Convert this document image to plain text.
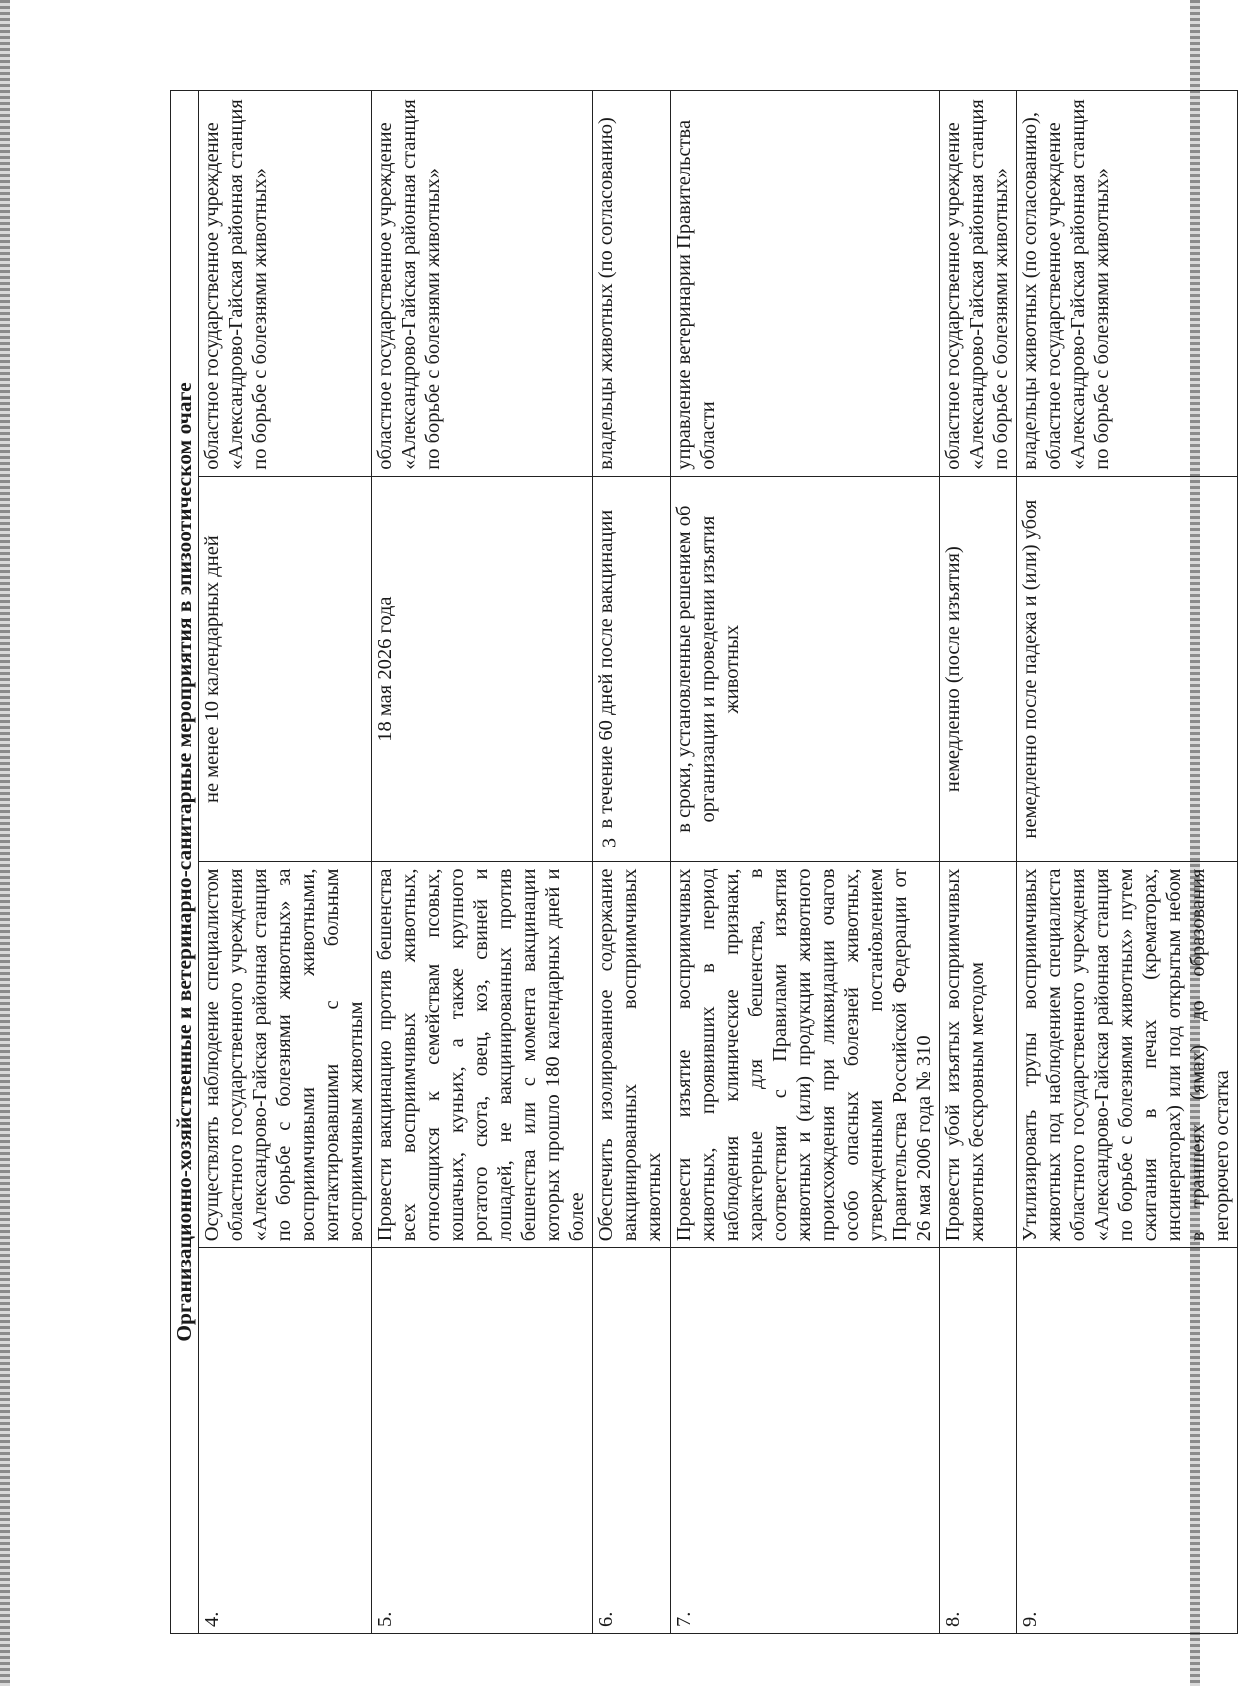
3
Организационно-хозяйственные и ветеринарно-санитарные мероприятия в эпизоотическом очаге			
4.	Осуществлять наблюдение специалистом областного государственного учреждения «Александрово-Гайская районная станция по борьбе с болезнями животных» за восприимчивыми животными, контактировавшими с больным восприимчивым животным	не менее 10 календарных дней	областное государственное учреждение «Александрово-Гайская районная станция по борьбе с болезнями животных»
5.	Провести вакцинацию против бешенства всех восприимчивых животных, относящихся к семействам псовых, кошачьих, куньих, а также крупного рогатого скота, овец, коз, свиней и лошадей, не вакцинированных против бешенства или с момента вакцинации которых прошло 180 календарных дней и более	18 мая 2026 года	областное государственное учреждение «Александрово-Гайская районная станция по борьбе с болезнями животных»
6.	Обеспечить изолированное содержание вакцинированных восприимчивых животных	в течение 60 дней после вакцинации	владельцы животных (по согласованию)
7.	Провести изъятие восприимчивых животных, проявивших в период наблюдения клинические признаки, характерные для бешенства, в соответствии с Правилами изъятия животных и (или) продукции животного происхождения при ликвидации очагов особо опасных болезней животных, утвержденными постановлением Правительства Российской Федерации от 26 мая 2006 года № 310	в сроки, установленные решением об организации и проведении изъятия животных	управление ветеринарии Правительства области
8.	Провести убой изъятых восприимчивых животных бескровным методом	немедленно (после изъятия)	областное государственное учреждение «Александрово-Гайская районная станция по борьбе с болезнями животных»
9.	Утилизировать трупы восприимчивых животных под наблюдением специалиста областного государственного учреждения «Александрово-Гайская районная станция по борьбе с болезнями животных» путем сжигания в печах (крематорах, инсинераторах) или под открытым небом в траншеях (ямах) до образования негорючего остатка	немедленно после падежа и (или) убоя	владельцы животных (по согласованию), областное государственное учреждение «Александрово-Гайская районная станция по борьбе с болезнями животных»
